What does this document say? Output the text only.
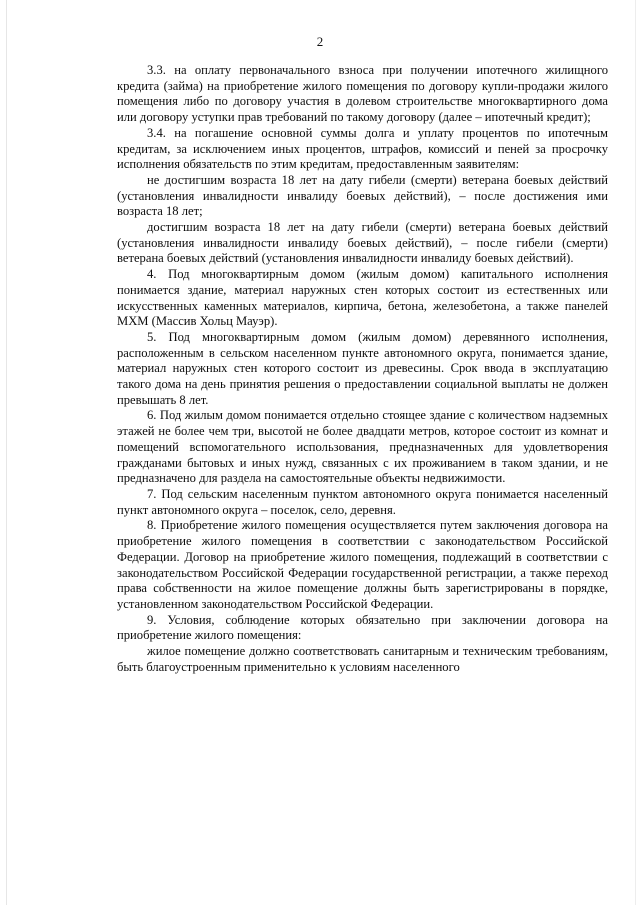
2

3.3. на оплату первоначального взноса при получении ипотечного жилищного кредита (займа) на приобретение жилого помещения по договору купли-продажи жилого помещения либо по договору участия в долевом строительстве многоквартирного дома или договору уступки прав требований по такому договору (далее – ипотечный кредит);

3.4. на погашение основной суммы долга и уплату процентов по ипотечным кредитам, за исключением иных процентов, штрафов, комиссий и пеней за просрочку исполнения обязательств по этим кредитам, предоставленным заявителям:

не достигшим возраста 18 лет на дату гибели (смерти) ветерана боевых действий (установления инвалидности инвалиду боевых действий), – после достижения ими возраста 18 лет;

достигшим возраста 18 лет на дату гибели (смерти) ветерана боевых действий (установления инвалидности инвалиду боевых действий), – после гибели (смерти) ветерана боевых действий (установления инвалидности инвалиду боевых действий).

4. Под многоквартирным домом (жилым домом) капитального исполнения понимается здание, материал наружных стен которых состоит из естественных или искусственных каменных материалов, кирпича, бетона, железобетона, а также панелей МХМ (Массив Хольц Мауэр).

5. Под многоквартирным домом (жилым домом) деревянного исполнения, расположенным в сельском населенном пункте автономного округа, понимается здание, материал наружных стен которого состоит из древесины. Срок ввода в эксплуатацию такого дома на день принятия решения о предоставлении социальной выплаты не должен превышать 8 лет.

6. Под жилым домом понимается отдельно стоящее здание с количеством надземных этажей не более чем три, высотой не более двадцати метров, которое состоит из комнат и помещений вспомогательного использования, предназначенных для удовлетворения гражданами бытовых и иных нужд, связанных с их проживанием в таком здании, и не предназначено для раздела на самостоятельные объекты недвижимости.

7. Под сельским населенным пунктом автономного округа понимается населенный пункт автономного округа – поселок, село, деревня.

8. Приобретение жилого помещения осуществляется путем заключения договора на приобретение жилого помещения в соответствии с законодательством Российской Федерации. Договор на приобретение жилого помещения, подлежащий в соответствии с законодательством Российской Федерации государственной регистрации, а также переход права собственности на жилое помещение должны быть зарегистрированы в порядке, установленном законодательством Российской Федерации.

9. Условия, соблюдение которых обязательно при заключении договора на приобретение жилого помещения:

жилое помещение должно соответствовать санитарным и техническим требованиям, быть благоустроенным применительно к условиям населенного
